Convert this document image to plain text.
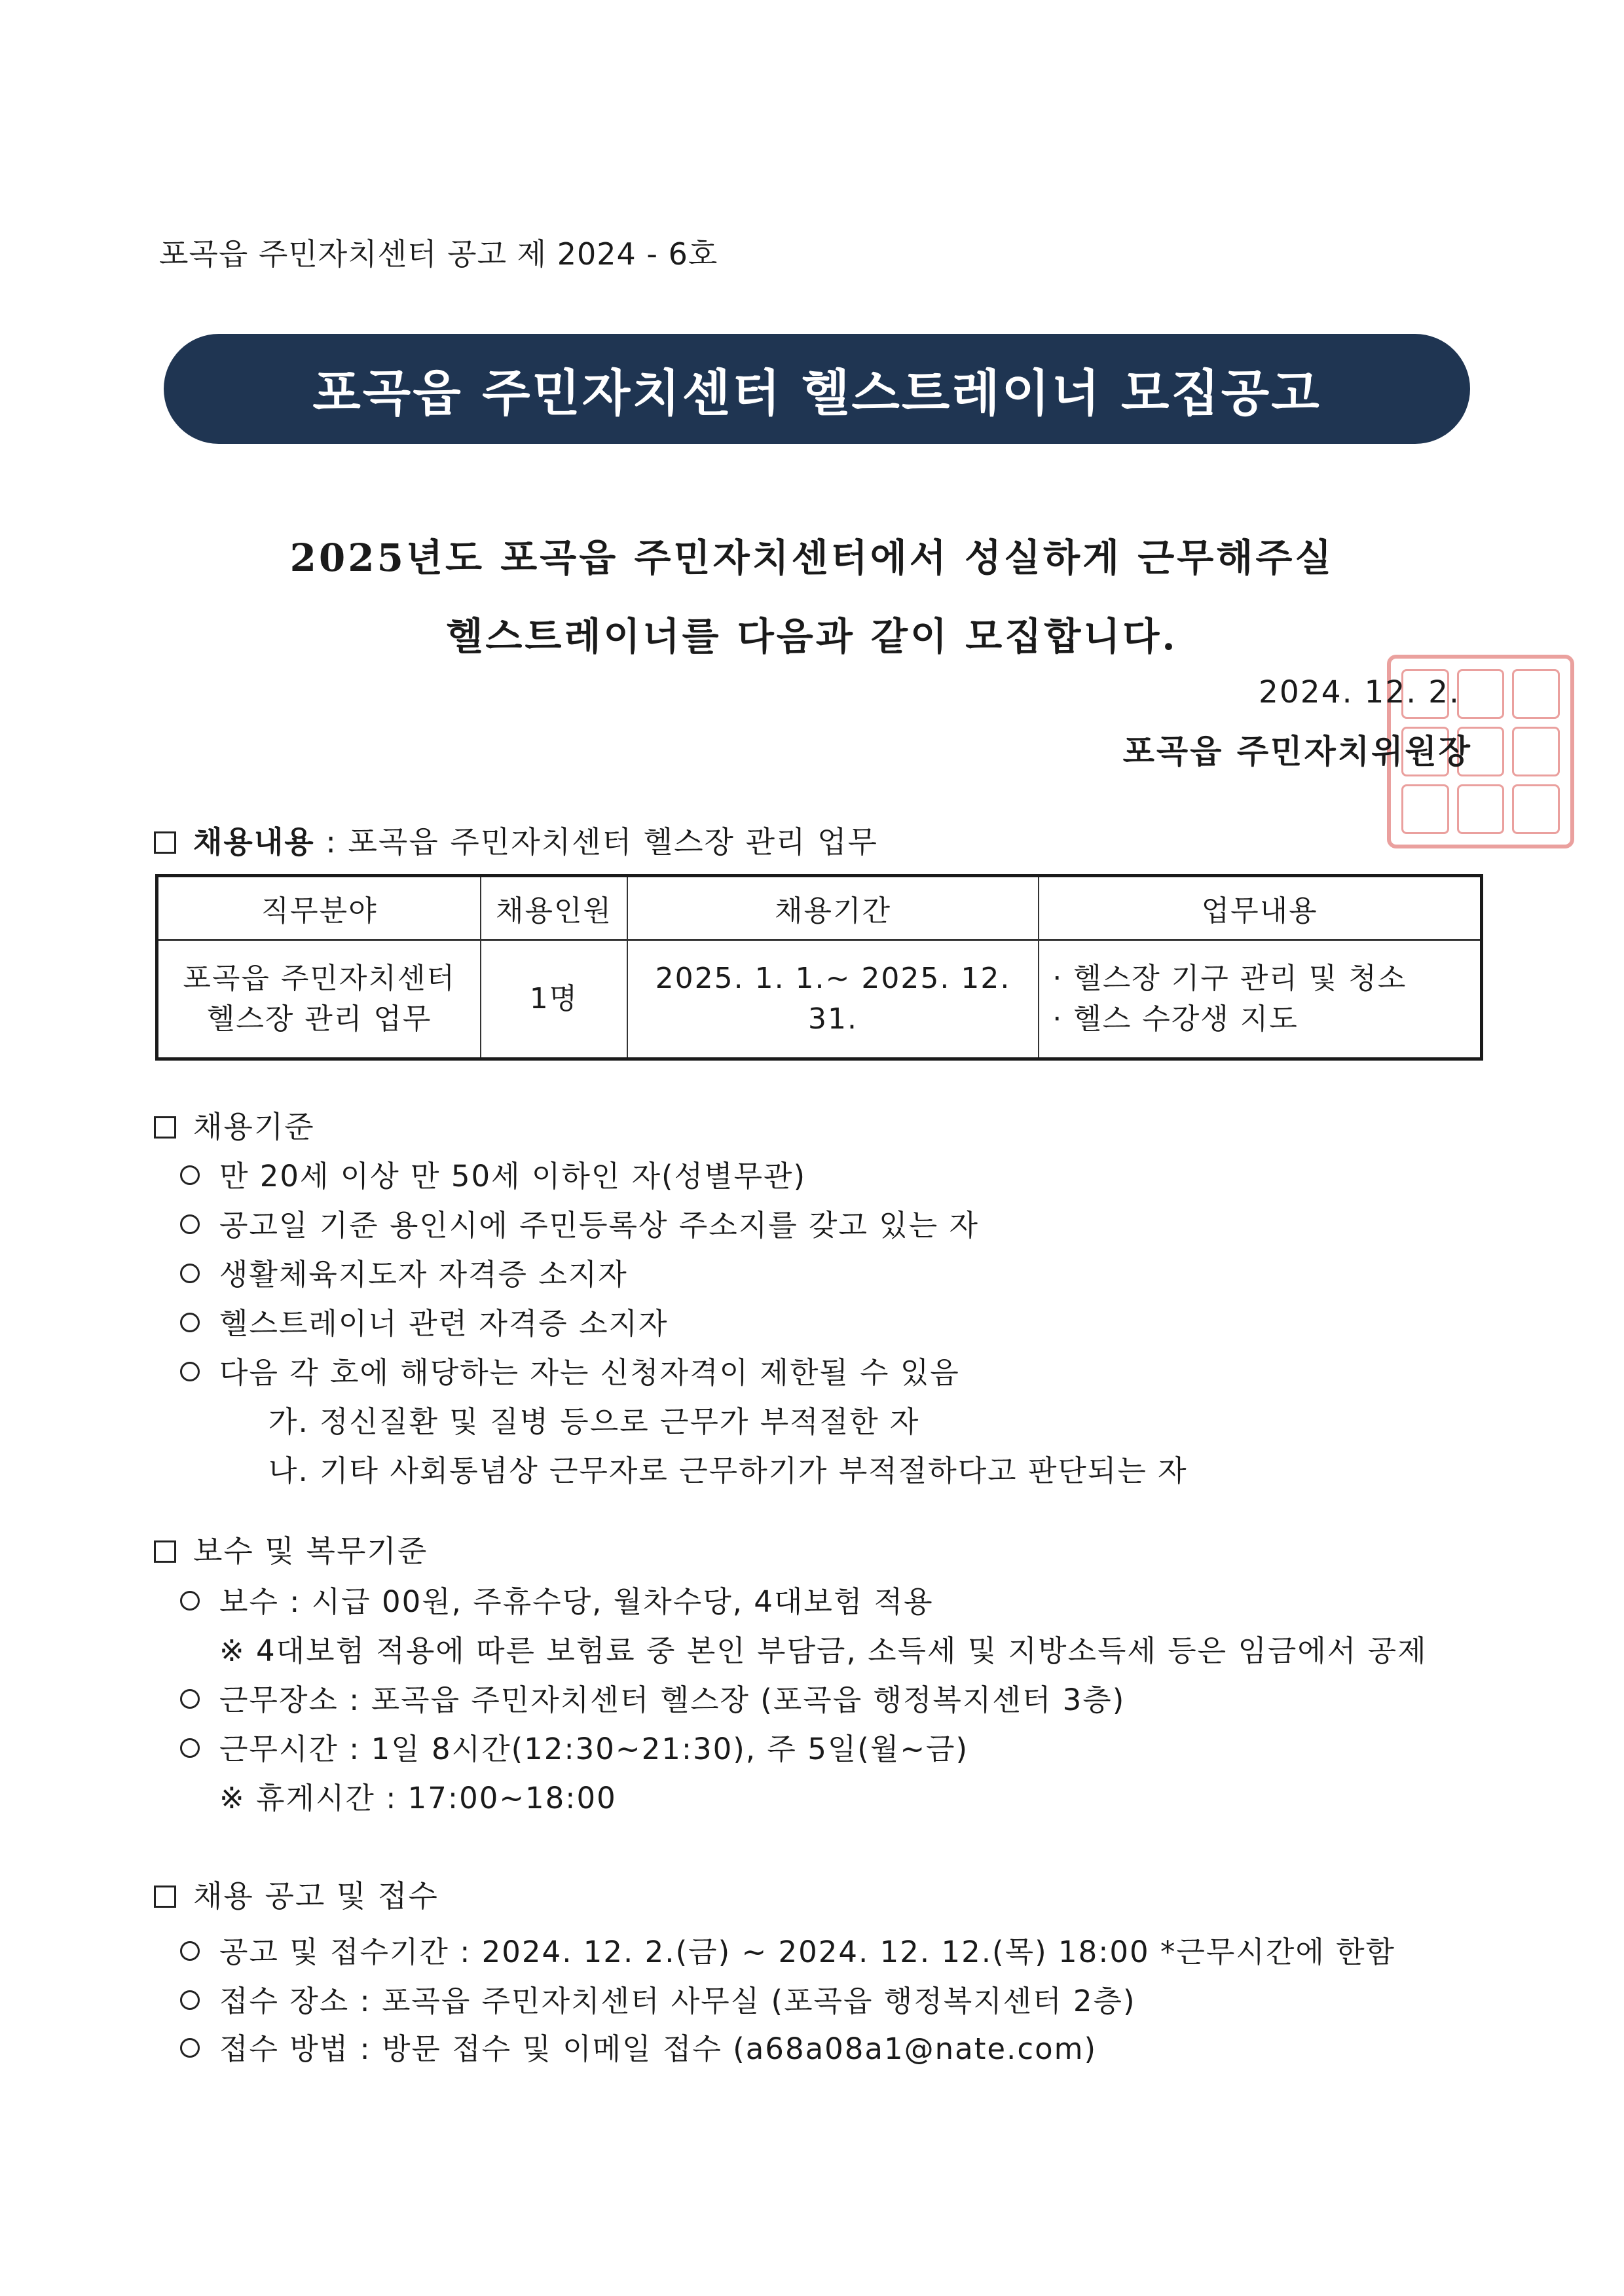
포곡읍 주민자치센터 공고 제 2024 - 6호
포곡읍 주민자치센터 헬스트레이너 모집공고
2025년도 포곡읍 주민자치센터에서 성실하게 근무해주실
헬스트레이너를 다음과 같이 모집합니다.
2024. 12. 2.
포곡읍 주민자치위원장
채용내용 : 포곡읍 주민자치센터 헬스장 관리 업무
직무분야	채용인원	채용기간	업무내용
포곡읍 주민자치센터
헬스장 관리 업무	1명	2025. 1. 1.~ 2025. 12. 31.	· 헬스장 기구 관리 및 청소
· 헬스 수강생 지도
채용기준
만 20세 이상 만 50세 이하인 자(성별무관)
공고일 기준 용인시에 주민등록상 주소지를 갖고 있는 자
생활체육지도자 자격증 소지자
헬스트레이너 관련 자격증 소지자
다음 각 호에 해당하는 자는 신청자격이 제한될 수 있음
가. 정신질환 및 질병 등으로 근무가 부적절한 자
나. 기타 사회통념상 근무자로 근무하기가 부적절하다고 판단되는 자
보수 및 복무기준
보수 : 시급 00원, 주휴수당, 월차수당, 4대보험 적용
※ 4대보험 적용에 따른 보험료 중 본인 부담금, 소득세 및 지방소득세 등은 임금에서 공제
근무장소 : 포곡읍 주민자치센터 헬스장 (포곡읍 행정복지센터 3층)
근무시간 : 1일 8시간(12:30~21:30), 주 5일(월~금)
※ 휴게시간 : 17:00~18:00
채용 공고 및 접수
공고 및 접수기간 : 2024. 12. 2.(금) ~ 2024. 12. 12.(목) 18:00 *근무시간에 한함
접수 장소 : 포곡읍 주민자치센터 사무실 (포곡읍 행정복지센터 2층)
접수 방법 : 방문 접수 및 이메일 접수 (a68a08a1@nate.com)
